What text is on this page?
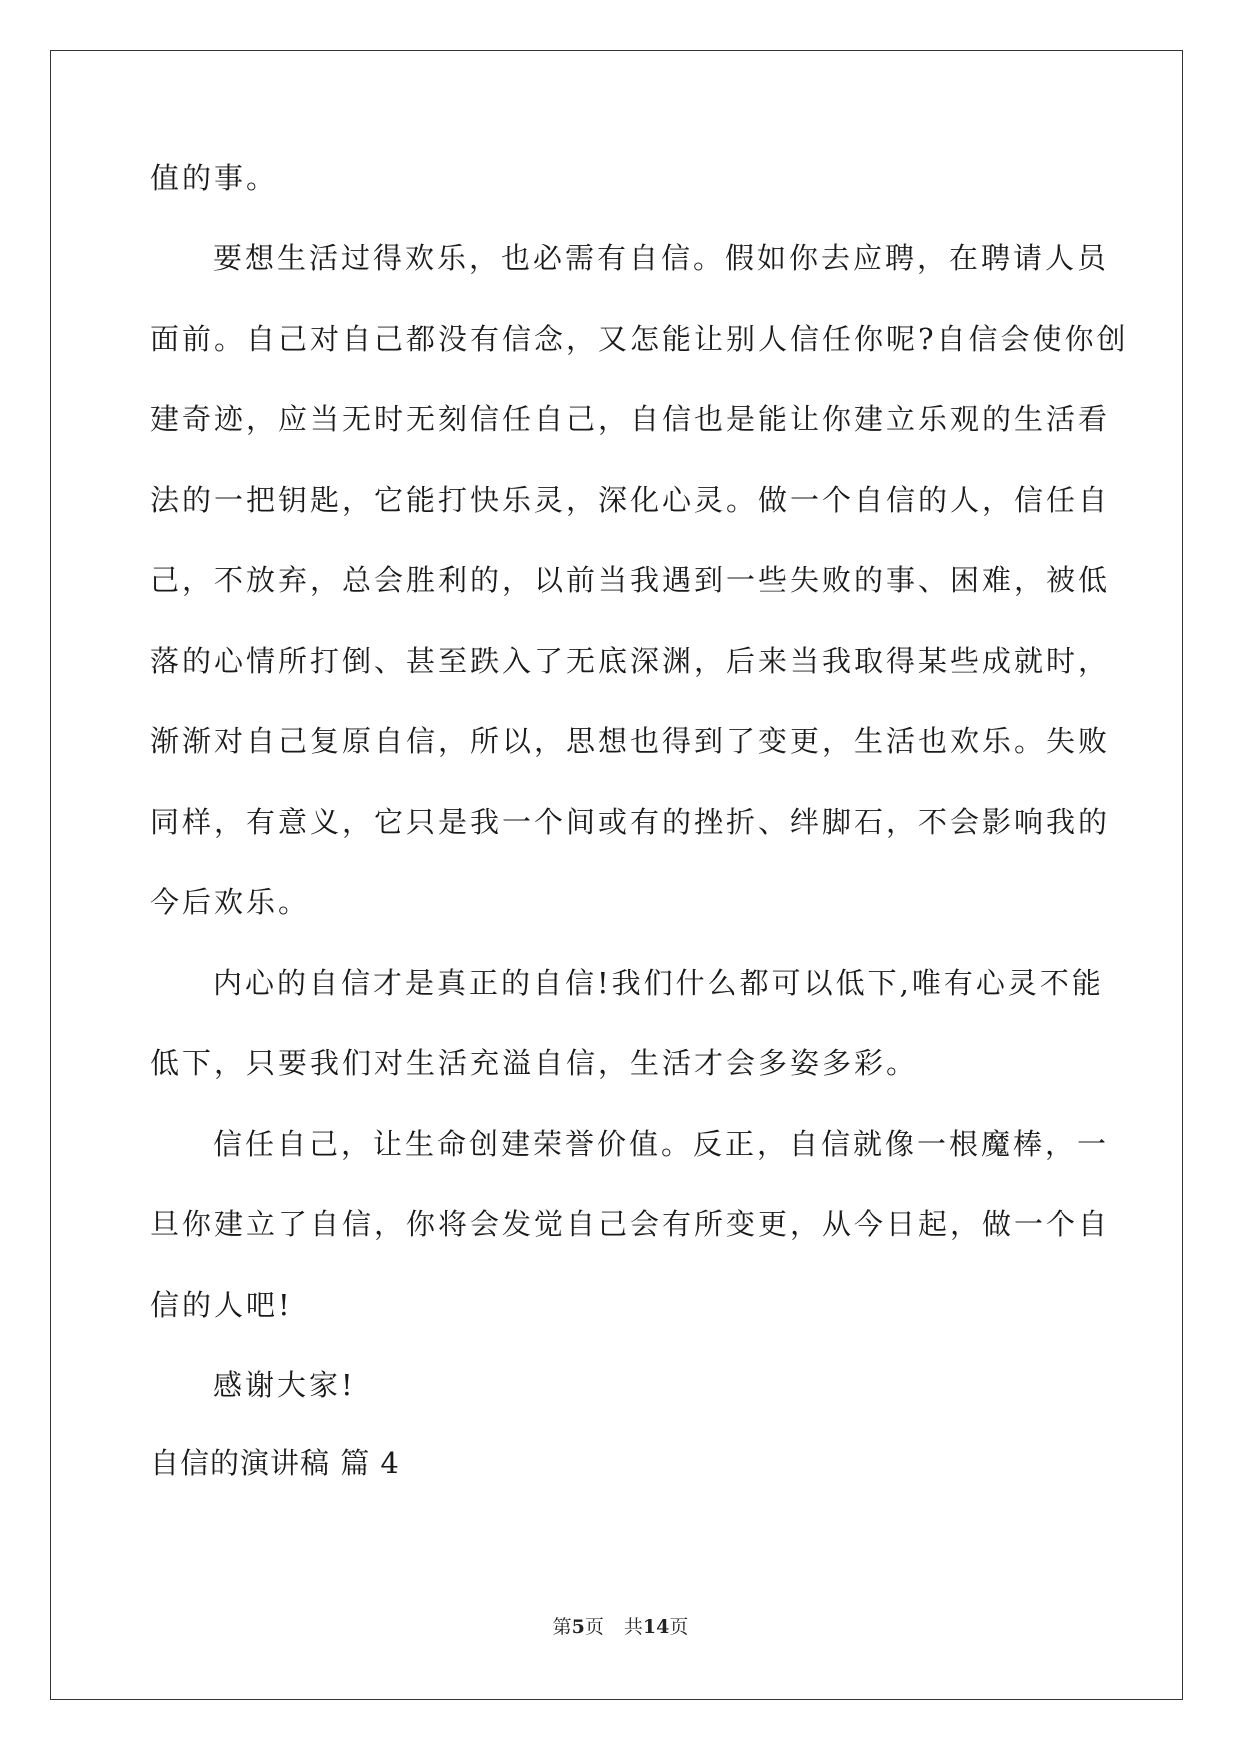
值的事。
要想生活过得欢乐，也必需有自信。假如你去应聘，在聘请人员
面前。自己对自己都没有信念，又怎能让别人信任你呢?自信会使你创
建奇迹，应当无时无刻信任自己，自信也是能让你建立乐观的生活看
法的一把钥匙，它能打快乐灵，深化心灵。做一个自信的人，信任自
己，不放弃，总会胜利的，以前当我遇到一些失败的事、困难，被低
落的心情所打倒、甚至跌入了无底深渊，后来当我取得某些成就时，
渐渐对自己复原自信，所以，思想也得到了变更，生活也欢乐。失败
同样，有意义，它只是我一个间或有的挫折、绊脚石，不会影响我的
今后欢乐。
内心的自信才是真正的自信!我们什么都可以低下,唯有心灵不能
低下，只要我们对生活充溢自信，生活才会多姿多彩。
信任自己，让生命创建荣誉价值。反正，自信就像一根魔棒，一
旦你建立了自信，你将会发觉自己会有所变更，从今日起，做一个自
信的人吧!
感谢大家!
自信的演讲稿 篇 4
第5页 共14页
